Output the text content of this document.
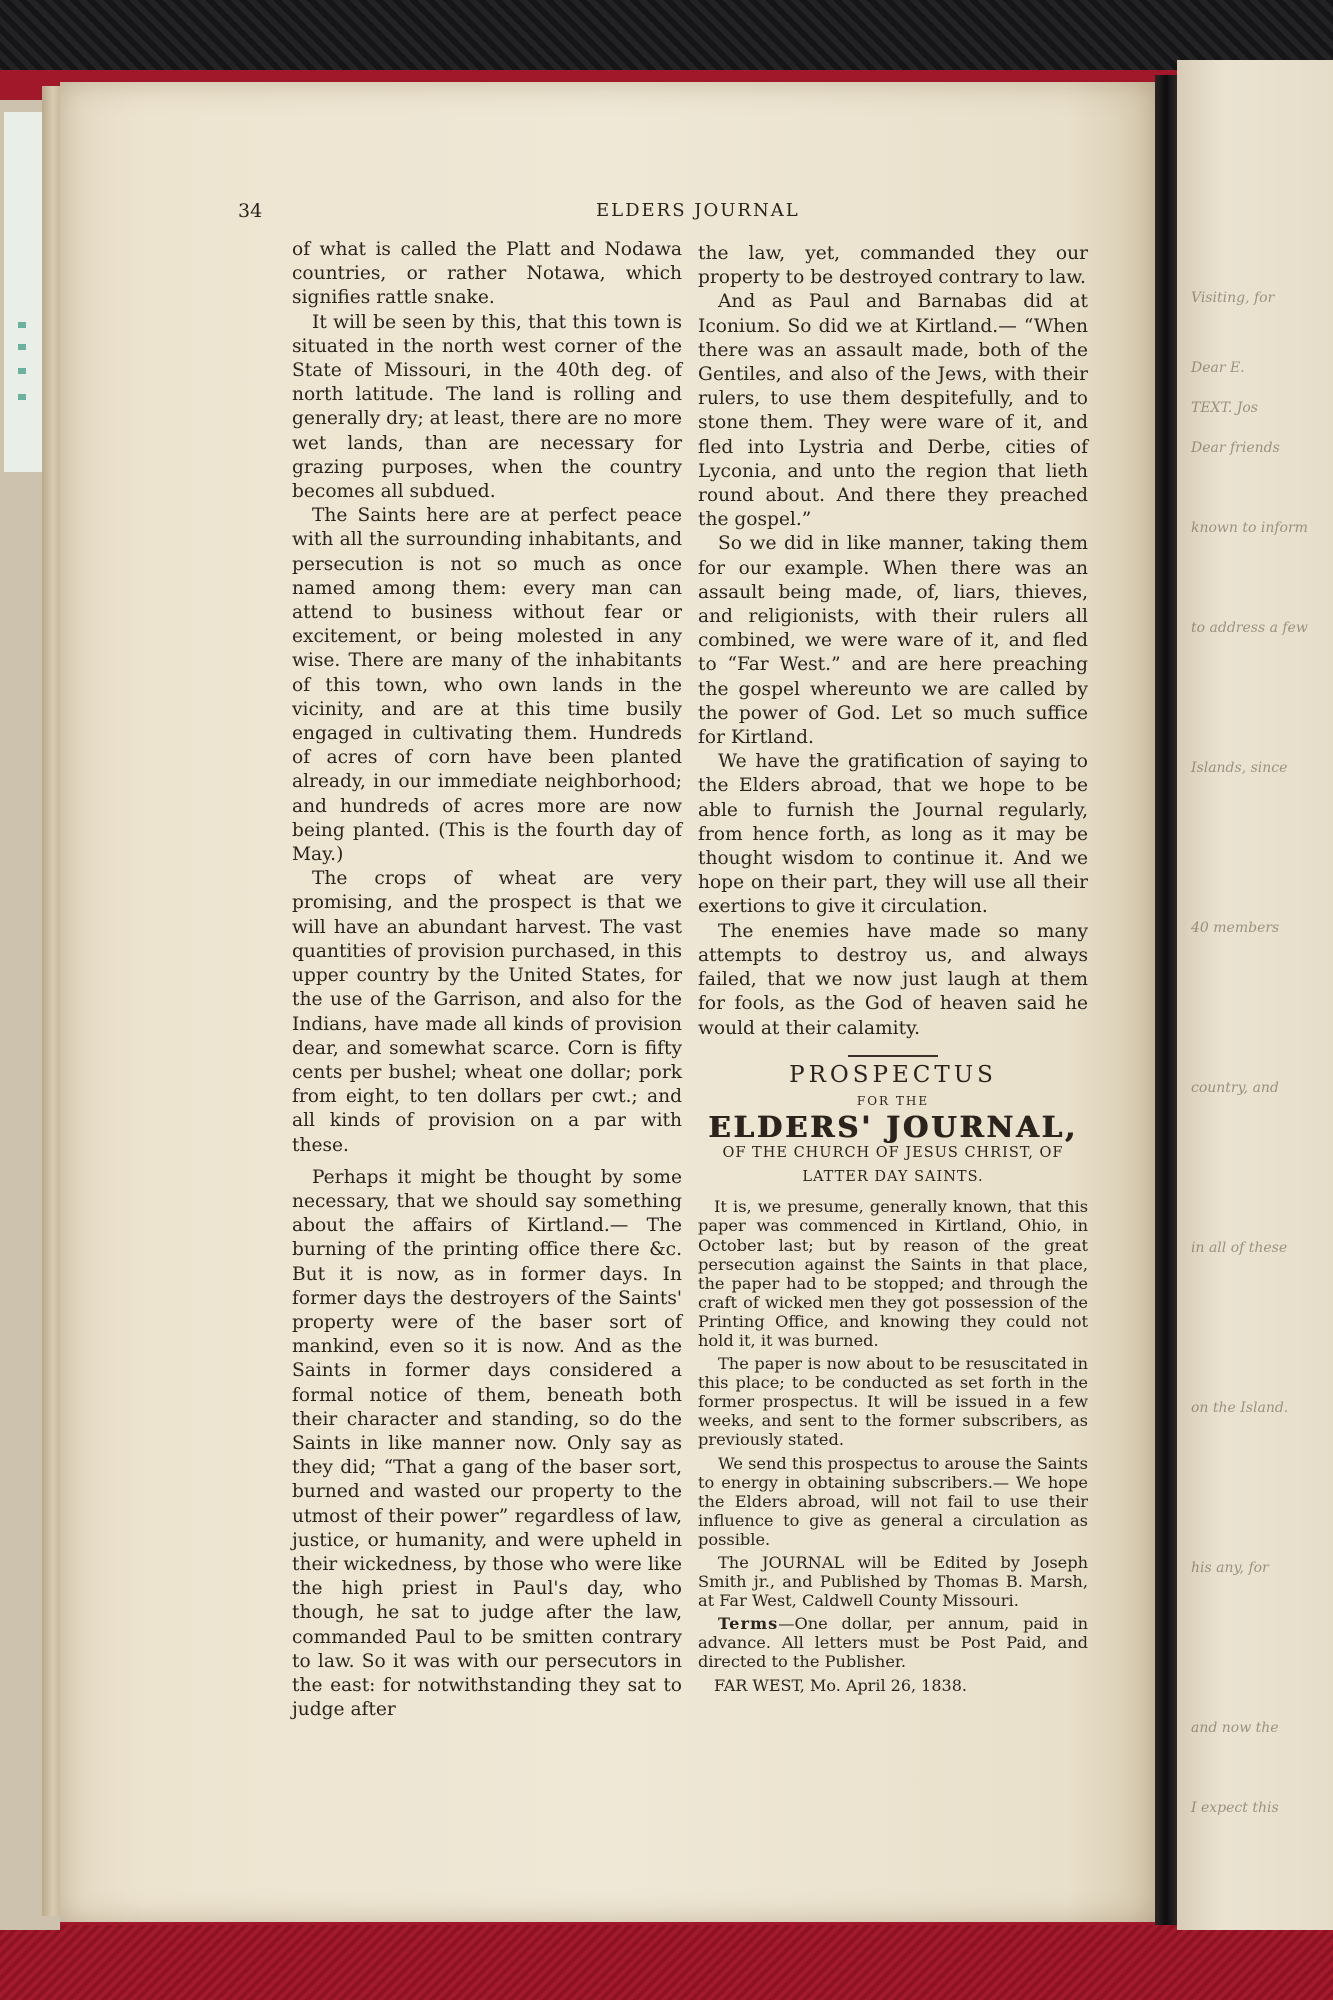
Visiting, for
Dear E.
TEXT. Jos
Dear friends
known to inform
to address a few
Islands, since
40 members
country, and
in all of these
on the Island.
his any, for
and now the
I expect this
34	ELDERS JOURNAL

of what is called the Platt and Nodawa countries, or rather Notawa, which signifies rattle snake.

It will be seen by this, that this town is situated in the north west corner of the State of Missouri, in the 40th deg. of north latitude. The land is rolling and generally dry; at least, there are no more wet lands, than are necessary for grazing purposes, when the country becomes all subdued.

The Saints here are at perfect peace with all the surrounding inhabitants, and persecution is not so much as once named among them: every man can attend to business without fear or excitement, or being molested in any wise. There are many of the inhabitants of this town, who own lands in the vicinity, and are at this time busily engaged in cultivating them. Hundreds of acres of corn have been planted already, in our immediate neighborhood; and hundreds of acres more are now being planted. (This is the fourth day of May.)

The crops of wheat are very promising, and the prospect is that we will have an abundant harvest. The vast quantities of provision purchased, in this upper country by the United States, for the use of the Garrison, and also for the Indians, have made all kinds of provision dear, and somewhat scarce. Corn is fifty cents per bushel; wheat one dollar; pork from eight, to ten dollars per cwt.; and all kinds of provision on a par with these.

Perhaps it might be thought by some necessary, that we should say something about the affairs of Kirtland.— The burning of the printing office there &c. But it is now, as in former days. In former days the destroyers of the Saints' property were of the baser sort of mankind, even so it is now. And as the Saints in former days considered a formal notice of them, beneath both their character and standing, so do the Saints in like manner now. Only say as they did; “That a gang of the baser sort, burned and wasted our property to the utmost of their power” regardless of law, justice, or humanity, and were upheld in their wickedness, by those who were like the high priest in Paul's day, who though, he sat to judge after the law, commanded Paul to be smitten contrary to law. So it was with our persecutors in the east: for notwithstanding they sat to judge after

the law, yet, commanded they our property to be destroyed contrary to law.

And as Paul and Barnabas did at Iconium. So did we at Kirtland.— “When there was an assault made, both of the Gentiles, and also of the Jews, with their rulers, to use them despitefully, and to stone them. They were ware of it, and fled into Lystria and Derbe, cities of Lyconia, and unto the region that lieth round about. And there they preached the gospel.”

So we did in like manner, taking them for our example. When there was an assault being made, of, liars, thieves, and religionists, with their rulers all combined, we were ware of it, and fled to “Far West.” and are here preaching the gospel whereunto we are called by the power of God. Let so much suffice for Kirtland.

We have the gratification of saying to the Elders abroad, that we hope to be able to furnish the Journal regularly, from hence forth, as long as it may be thought wisdom to continue it. And we hope on their part, they will use all their exertions to give it circulation.

The enemies have made so many attempts to destroy us, and always failed, that we now just laugh at them for fools, as the God of heaven said he would at their calamity.

PROSPECTUS
FOR THE
ELDERS' JOURNAL,
OF THE CHURCH OF JESUS CHRIST, OF LATTER DAY SAINTS.

It is, we presume, generally known, that this paper was commenced in Kirtland, Ohio, in October last; but by reason of the great persecution against the Saints in that place, the paper had to be stopped; and through the craft of wicked men they got possession of the Printing Office, and knowing they could not hold it, it was burned.

The paper is now about to be resuscitated in this place; to be conducted as set forth in the former prospectus. It will be issued in a few weeks, and sent to the former subscribers, as previously stated.

We send this prospectus to arouse the Saints to energy in obtaining subscribers.— We hope the Elders abroad, will not fail to use their influence to give as general a circulation as possible.

The JOURNAL will be Edited by Joseph Smith jr., and Published by Thomas B. Marsh, at Far West, Caldwell County Missouri.

Terms—One dollar, per annum, paid in advance. All letters must be Post Paid, and directed to the Publisher.

FAR WEST, Mo. April 26, 1838.
